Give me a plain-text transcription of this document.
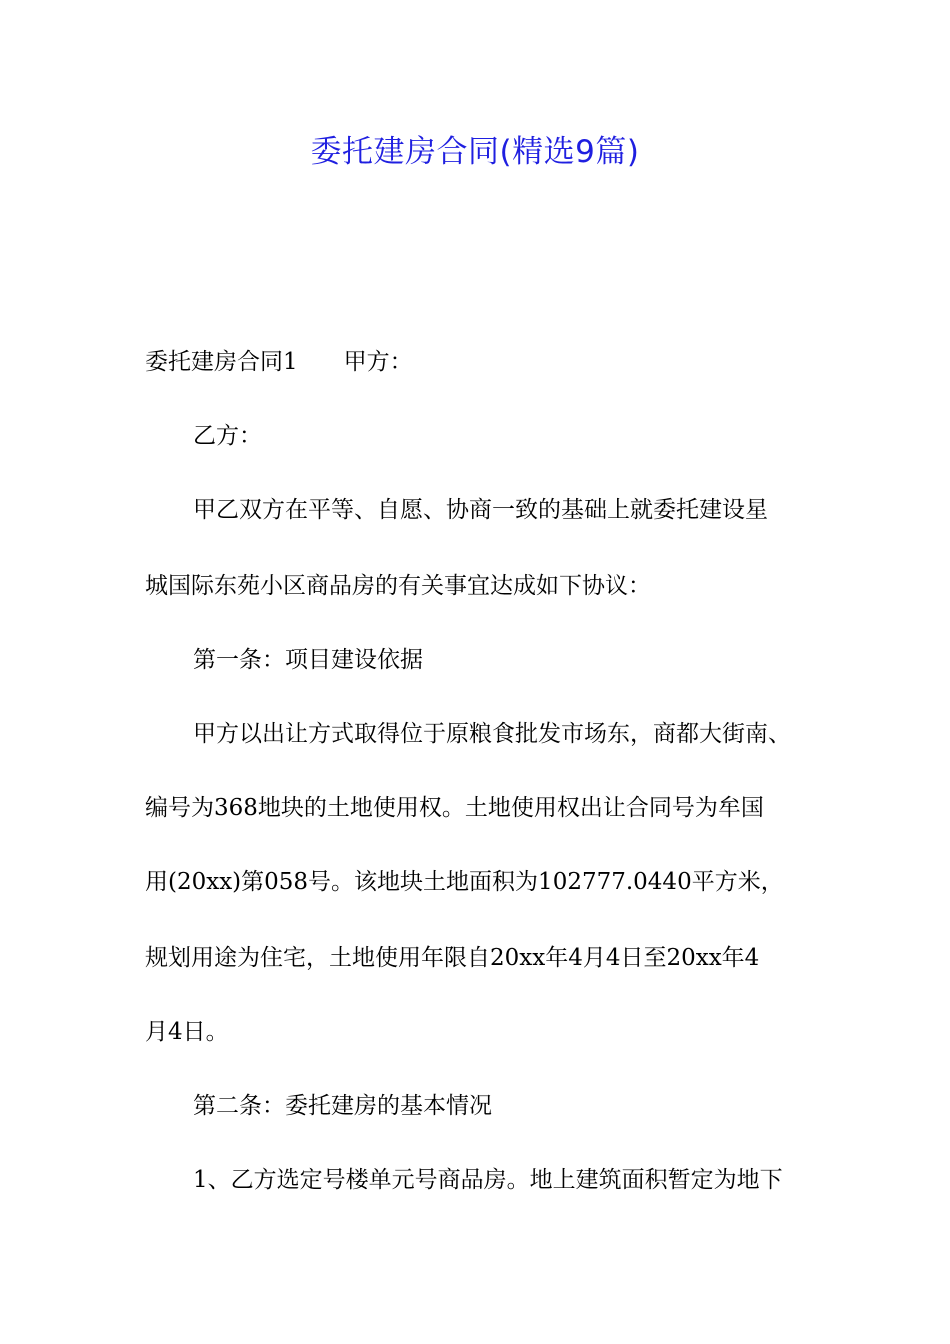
委托建房合同(精选9篇)
委托建房合同1　　甲方：
乙方：
甲乙双方在平等、自愿、协商一致的基础上就委托建设星
城国际东苑小区商品房的有关事宜达成如下协议：
第一条：项目建设依据
甲方以出让方式取得位于原粮食批发市场东，商都大街南、
编号为368地块的土地使用权。土地使用权出让合同号为牟国
用(20xx)第058号。该地块土地面积为102777.0440平方米，
规划用途为住宅，土地使用年限自20xx年4月4日至20xx年4
月4日。
第二条：委托建房的基本情况
1、乙方选定号楼单元号商品房。地上建筑面积暂定为地下
